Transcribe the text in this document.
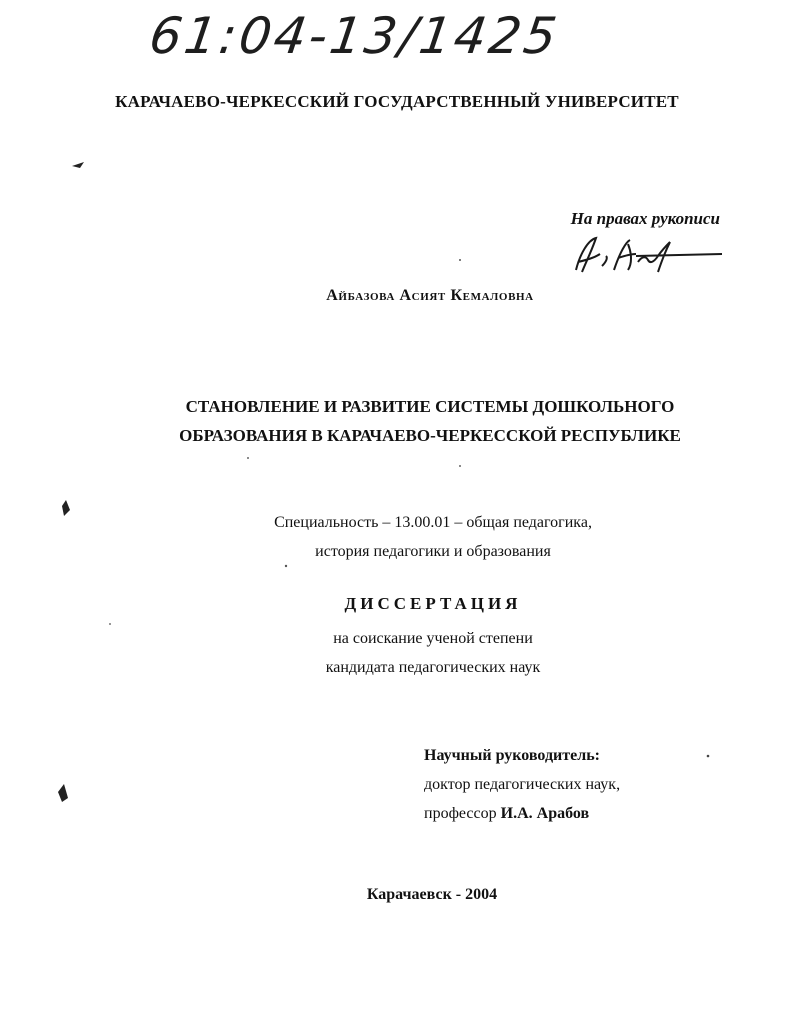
61:04-13/1425
КАРАЧАЕВО-ЧЕРКЕССКИЙ ГОСУДАРСТВЕННЫЙ УНИВЕРСИТЕТ
На правах рукописи
Айбазова Асият Кемаловна
СТАНОВЛЕНИЕ И РАЗВИТИЕ СИСТЕМЫ ДОШКОЛЬНОГО
ОБРАЗОВАНИЯ В КАРАЧАЕВО-ЧЕРКЕССКОЙ РЕСПУБЛИКЕ
Специальность – 13.00.01 – общая педагогика,
история педагогики и образования
ДИССЕРТАЦИЯ
на соискание ученой степени
кандидата педагогических наук
Научный руководитель:
доктор педагогических наук,
профессор И.А. Арабов
Карачаевск - 2004
